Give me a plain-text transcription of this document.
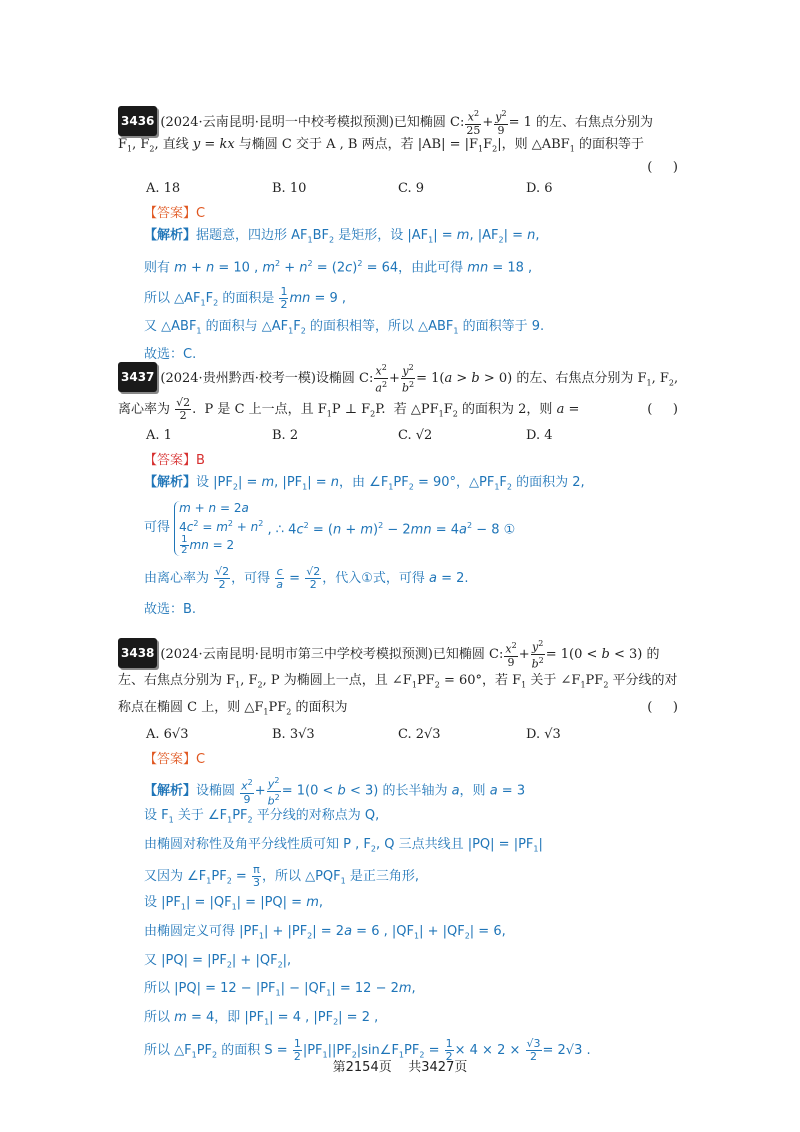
3436 (2024·云南昆明·昆明一中校考模拟预测)已知椭圆 C: $\frac{x^2}{25} + \frac{y^2}{9} = 1$ 的左、右焦点分别为
$F_1$, $F_2$, 直线 y = kx 与椭圆 C 交于 A , B 两点，若 $|AB| = |F_1F_2|$，则 $\triangle ABF_1$ 的面积等于
(     )
A. 18	B. 10	C. 9	D. 6
【答案】C
【解析】据题意，四边形 $AF_1BF_2$ 是矩形，设 $|AF_1| = m$, $|AF_2| = n$,
则有 m + n = 10 , $m^2 + n^2 = (2c)^2 = 64$，由此可得 mn = 18 ,
所以 $\triangle AF_1F_2$ 的面积是 $\frac{1}{2}$ mn = 9 ,
又 $\triangle ABF_1$ 的面积与 $\triangle AF_1F_2$ 的面积相等，所以 $\triangle ABF_1$ 的面积等于 9.
故选：C.
3437 (2024·贵州黔西·校考一模)设椭圆 C: $\frac{x^2}{a^2} + \frac{y^2}{b^2} = 1(a > b > 0)$ 的左、右焦点分别为 $F_1$, $F_2$,
离心率为 $\frac{√2}{2}$ .  P 是 C 上一点，且 $F_1P$ ⊥ $F_2P$.  若 $\triangle PF_1F_2$ 的面积为 2，则 a =	(     )
A. 1	B. 2	C. √2	D. 4
【答案】B
【解析】设 $|PF_2| = m$, $|PF_1| = n$，由 $\angle F_1PF_2 = 90^\circ$，$\triangle PF_1F_2$ 的面积为 2,
可得 m + n = 2a
$4c^2 = m^2 + n^2$

$\frac{1}{2}$ mn = 2 , ∴ $4c^2 = (n + m)^2 - 2mn = 4a^2 - 8$ ①
由离心率为 $\frac{√2}{2}$ ，可得 $\frac{c}{a} = \frac{√2}{2}$ ，代入①式，可得 a = 2.
故选：B.
3438 (2024·云南昆明·昆明市第三中学校考模拟预测)已知椭圆 C: $\frac{x^2}{9} + \frac{y^2}{b^2} = 1(0 < b < 3)$ 的
左、右焦点分别为 $F_1$, $F_2$, P 为椭圆上一点，且 $\angle F_1PF_2 = 60^\circ$，若 $F_1$ 关于 $\angle F_1PF_2$ 平分线的对
称点在椭圆 C 上，则 $\triangle F_1PF_2$ 的面积为	(     )
A. 6√3	B. 3√3	C. 2√3	D. √3
【答案】C
【解析】设椭圆 $\frac{x^2}{9} + \frac{y^2}{b^2} = 1(0 < b < 3)$ 的长半轴为 a，则 a = 3
设 $F_1$ 关于 $\angle F_1PF_2$ 平分线的对称点为 Q,
由椭圆对称性及角平分线性质可知 P , $F_2$, Q 三点共线且 $|PQ| = |PF_1|$
又因为 $\angle F_1PF_2 = \frac{\pi}{3}$ ，所以 $\triangle PQF_1$ 是正三角形,
设 $|PF_1| = |QF_1| = |PQ| = m$,
由椭圆定义可得 $|PF_1| + |PF_2| = 2a = 6$ , $|QF_1| + |QF_2| = 6$,
又 $|PQ| = |PF_2| + |QF_2|$,
所以 $|PQ| = 12 - |PF_1| - |QF_1| = 12 - 2m$,
所以 m = 4，即 $|PF_1| = 4$ , $|PF_2| = 2$ ,
所以 $\triangle F_1PF_2$ 的面积 $S = \frac{1}{2}$ $|PF_1||PF_2|\sin\angle F_1PF_2 = \frac{1}{2} \times 4 \times 2 \times \frac{√3}{2} = 2√3$ .
第2154页 共3427页
